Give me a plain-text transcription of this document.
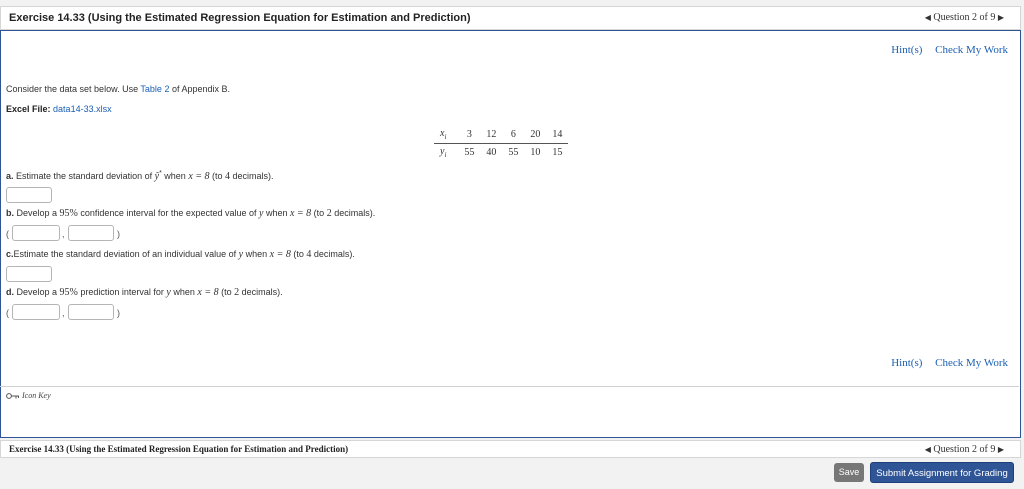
Exercise 14.33 (Using the Estimated Regression Equation for Estimation and Prediction)	◀ Question 2 of 9 ▶
Hint(s) Check My Work
Consider the data set below. Use Table 2 of Appendix B.
Excel File: data14-33.xlsx
$x_i$	3	12	6	20	14
$y_i$	55	40	55	10	15
a. Estimate the standard deviation of ŷ* when x = 8 (to 4 decimals).
b. Develop a 95% confidence interval for the expected value of y when x = 8 (to 2 decimals).
(	,	)
c.Estimate the standard deviation of an individual value of y when x = 8 (to 4 decimals).
d. Develop a 95% prediction interval for y when x = 8 (to 2 decimals).
(	,	)
Hint(s) Check My Work
Icon Key
Exercise 14.33 (Using the Estimated Regression Equation for Estimation and Prediction)	◀ Question 2 of 9 ▶
Save	Submit Assignment for Grading
